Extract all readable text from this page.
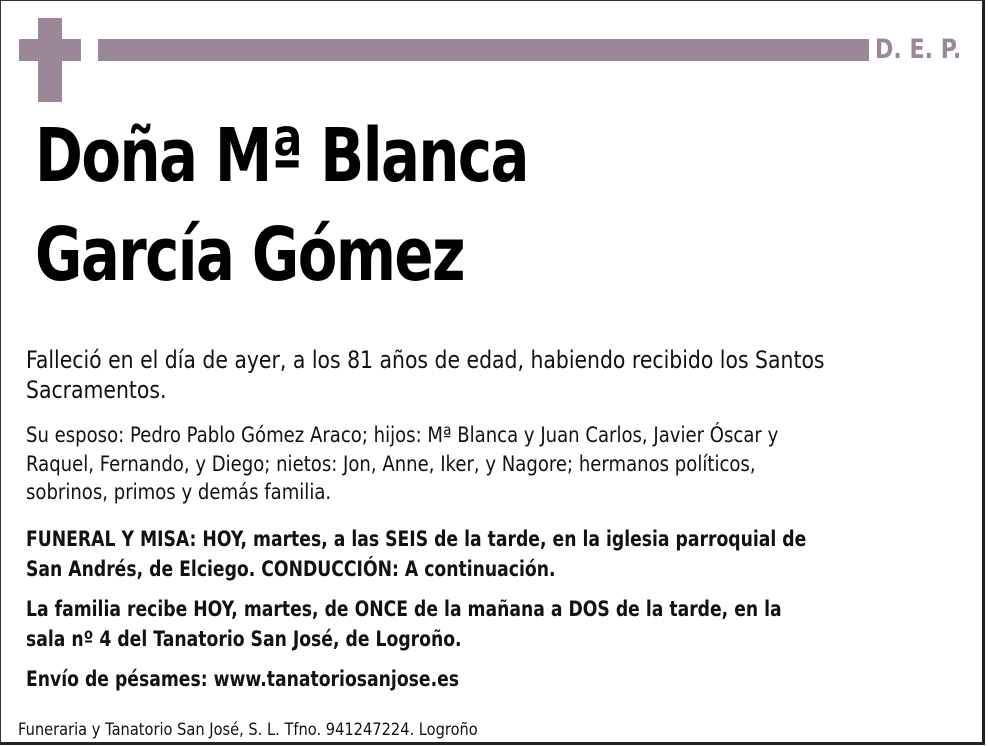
D. E. P.
Doña Mª Blanca
García Gómez
Falleció en el día de ayer, a los 81 años de edad, habiendo recibido los Santos
Sacramentos.
Su esposo: Pedro Pablo Gómez Araco; hijos: Mª Blanca y Juan Carlos, Javier Óscar y
Raquel, Fernando, y Diego; nietos: Jon, Anne, Iker, y Nagore; hermanos políticos,
sobrinos, primos y demás familia.
FUNERAL Y MISA: HOY, martes, a las SEIS de la tarde, en la iglesia parroquial de
San Andrés, de Elciego. CONDUCCIÓN: A continuación.
La familia recibe HOY, martes, de ONCE de la mañana a DOS de la tarde, en la
sala nº 4 del Tanatorio San José, de Logroño.
Envío de pésames: www.tanatoriosanjose.es
Funeraria y Tanatorio San José, S. L. Tfno. 941247224. Logroño
